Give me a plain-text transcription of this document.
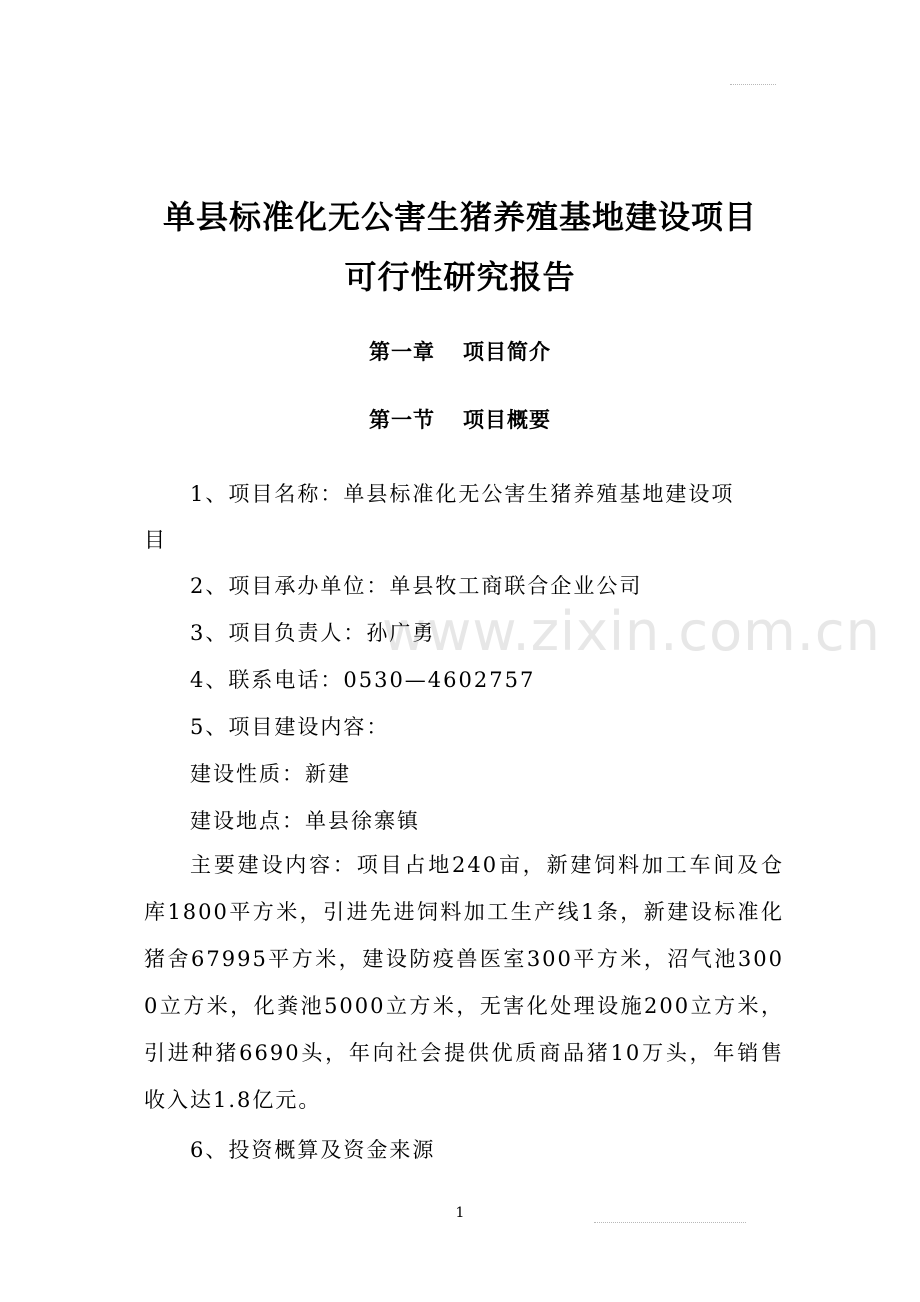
单县标准化无公害生猪养殖基地建设项目
可行性研究报告
第一章 项目简介
第一节 项目概要
www.zixin.com.cn
1、项目名称：单县标准化无公害生猪养殖基地建设项
目
2、项目承办单位：单县牧工商联合企业公司
3、项目负责人：孙广勇
4、联系电话：0530—4602757
5、项目建设内容：
建设性质：新建
建设地点：单县徐寨镇
主要建设内容：项目占地240亩，新建饲料加工车间及仓库1800平方米，引进先进饲料加工生产线1条，新建设标准化猪舍67995平方米，建设防疫兽医室300平方米，沼气池3000立方米，化粪池5000立方米，无害化处理设施200立方米，引进种猪6690头，年向社会提供优质商品猪10万头，年销售收入达1.8亿元。
6、投资概算及资金来源
1
